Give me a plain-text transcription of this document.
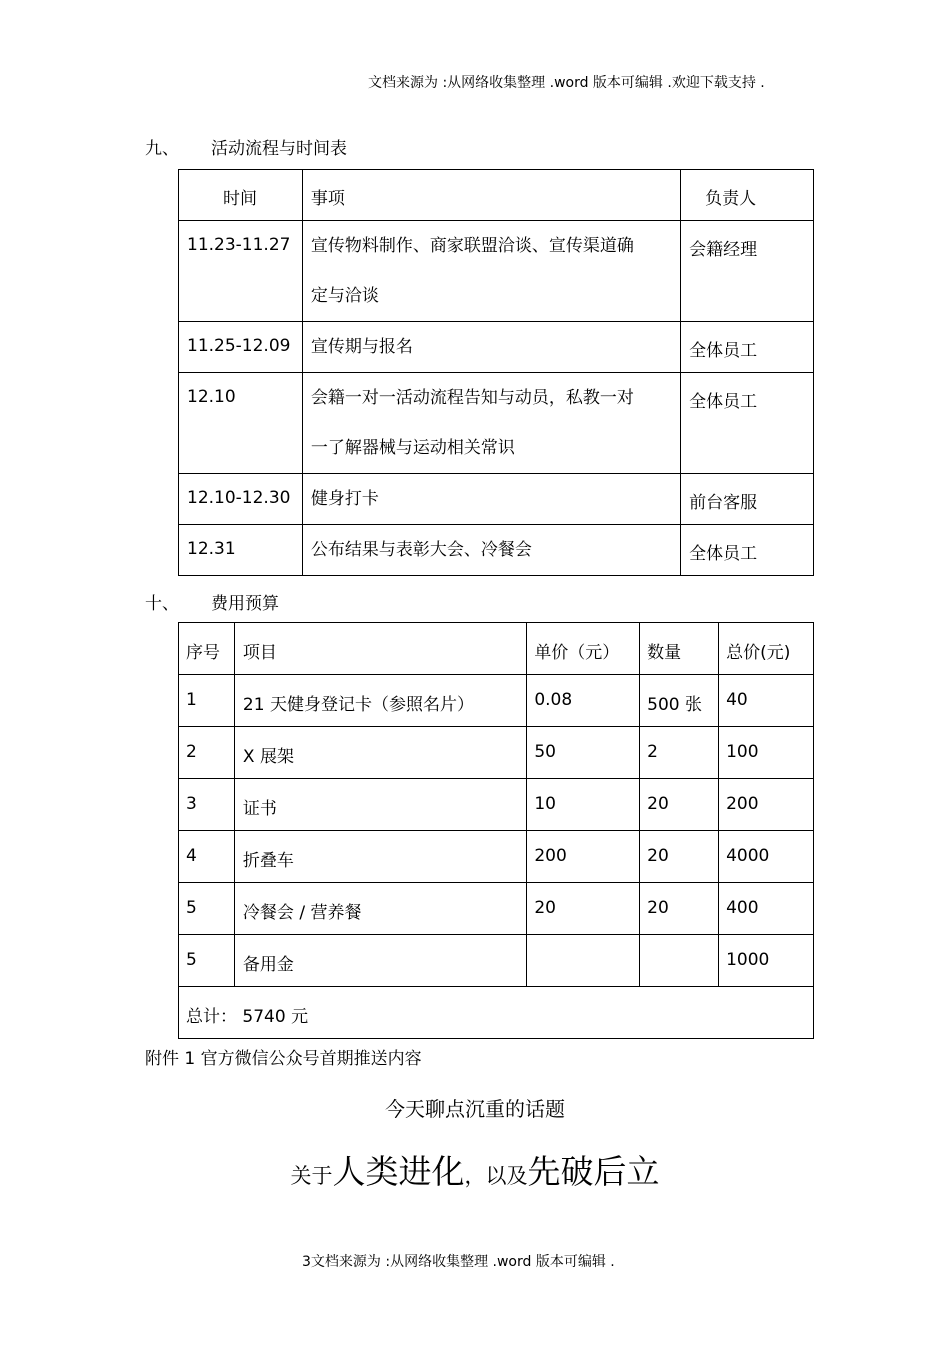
文档来源为 :从网络收集整理 .word 版本可编辑 .欢迎下载支持 .
九、 活动流程与时间表
时间	事项	负责人
11.23-11.27	宣传物料制作、商家联盟洽谈、宣传渠道确
定与洽谈	会籍经理
11.25-12.09	宣传期与报名	全体员工
12.10	会籍一对一活动流程告知与动员，私教一对
一了解器械与运动相关常识	全体员工
12.10-12.30	健身打卡	前台客服
12.31	公布结果与表彰大会、冷餐会	全体员工
十、 费用预算
序号	项目	单价（元）	数量	总价(元)
1	21 天健身登记卡（参照名片）	0.08	500 张	40
2	X 展架	50	2	100
3	证书	10	20	200
4	折叠车	200	20	4000
5	冷餐会 / 营养餐	20	20	400
5	备用金			1000
总计： 5740 元				
附件 1 官方微信公众号首期推送内容
今天聊点沉重的话题
关于人类进化，以及先破后立
3文档来源为 :从网络收集整理 .word 版本可编辑 .
